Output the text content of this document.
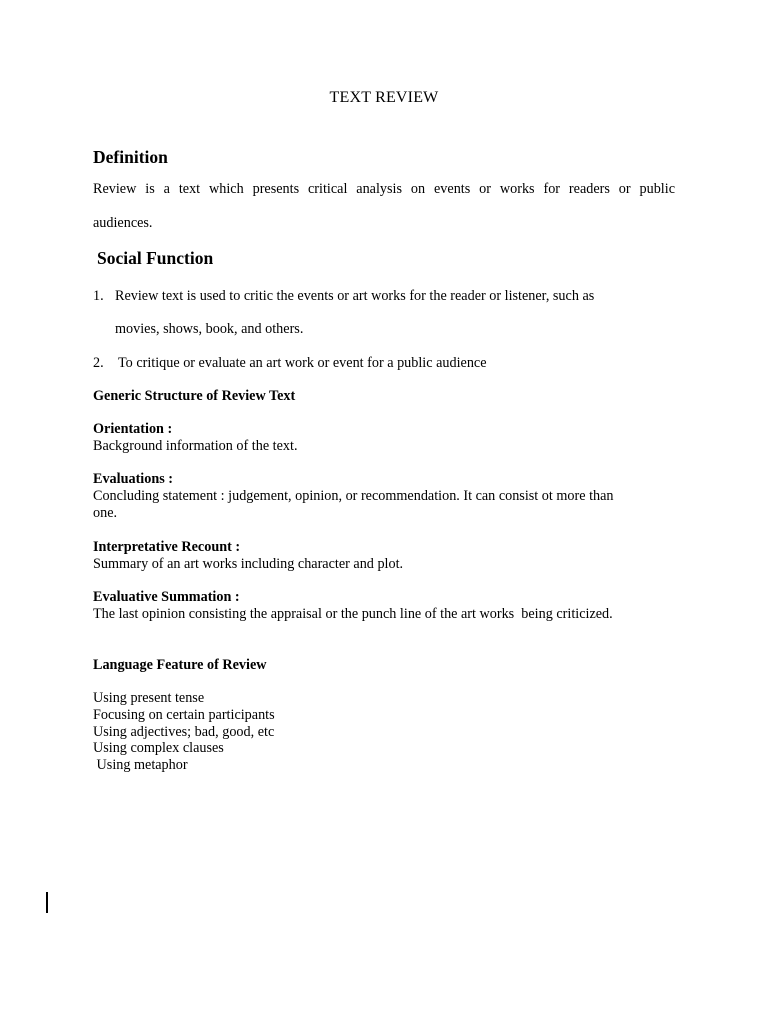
TEXT REVIEW
Definition
Review is a text which presents critical analysis on events or works for readers or public
audiences.
Social Function
1. Review text is used to critic the events or art works for the reader or listener, such as
movies, shows, book, and others.
2. To critique or evaluate an art work or event for a public audience
Generic Structure of Review Text
Orientation :
Background information of the text.
Evaluations :
Concluding statement : judgement, opinion, or recommendation. It can consist ot more than
one.
Interpretative Recount :
Summary of an art works including character and plot.
Evaluative Summation :
The last opinion consisting the appraisal or the punch line of the art works  being criticized.
Language Feature of Review
Using present tense
Focusing on certain participants
Using adjectives; bad, good, etc
Using complex clauses
Using metaphor
